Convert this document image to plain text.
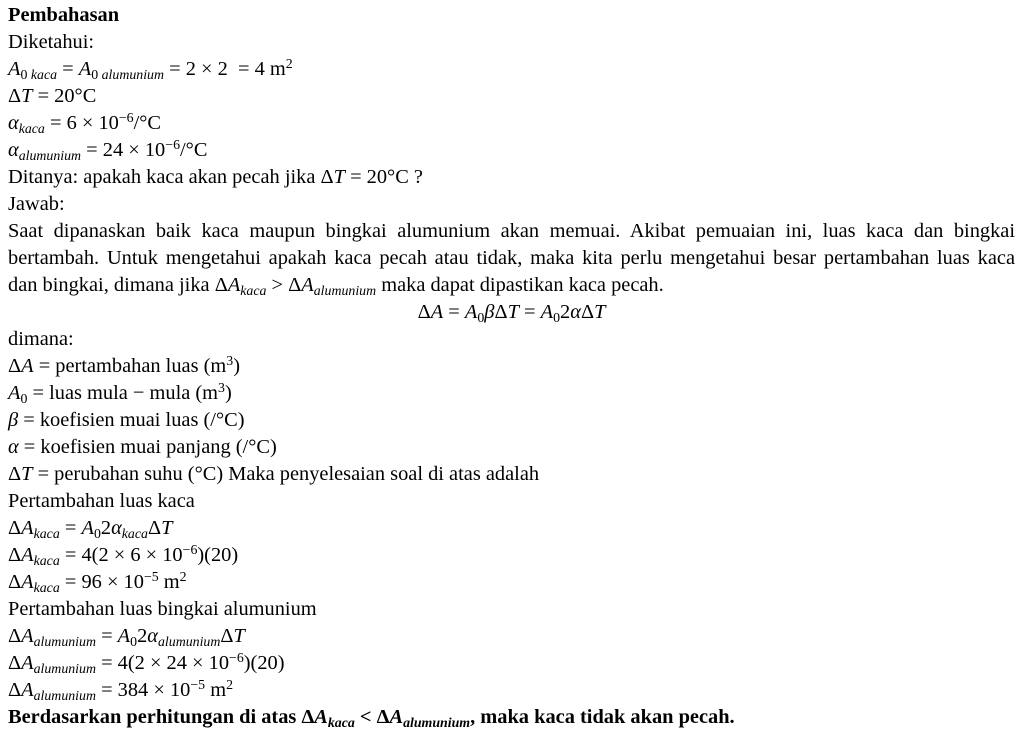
Pembahasan
Diketahui:
$A_0$ $_{kaca} = A_0$ $_{alumunium}$ = 2 × 2  = 4 $m^2$
ΔT = 20°C
$\alpha_{kaca} = 6 \times 10^{-6}/^\circ C$
$\alpha_{alumunium} = 24 \times 10^{-6}/^\circ C$
Ditanya: apakah kaca akan pecah jika ΔT = 20°C ?
Jawab:
Saat dipanaskan baik kaca maupun bingkai alumunium akan memuai. Akibat pemuaian ini, luas kaca dan bingkai
bertambah. Untuk mengetahui apakah kaca pecah atau tidak, maka kita perlu mengetahui besar pertambahan luas kaca
dan bingkai, dimana jika $\Delta A_{kaca} > \Delta A_{alumunium}$ maka dapat dipastikan kaca pecah.
$\Delta A = A_0\beta\Delta T = A_02\alpha\Delta T$
dimana:
ΔA = pertambahan luas $(m^3)$
$A_0$ = luas mula − mula $(m^3)$
β = koefisien muai luas (/°C)
α = koefisien muai panjang (/°C)
ΔT = perubahan suhu (°C) Maka penyelesaian soal di atas adalah
Pertambahan luas kaca
$\Delta A_{kaca} = A_02\alpha_{kaca}\Delta T$
$\Delta A_{kaca} = 4(2 \times 6 \times 10^{-6})(20)$
$\Delta A_{kaca} = 96 \times 10^{-5}$ $m^2$
Pertambahan luas bingkai alumunium
$\Delta A_{alumunium} = A_02\alpha_{alumunium}\Delta T$
$\Delta A_{alumunium} = 4(2 \times 24 \times 10^{-6})(20)$
$\Delta A_{alumunium} = 384 \times 10^{-5}$ $m^2$
Berdasarkan perhitungan di atas $\Delta A_{kaca} < \Delta A_{alumunium}$, maka kaca tidak akan pecah.
